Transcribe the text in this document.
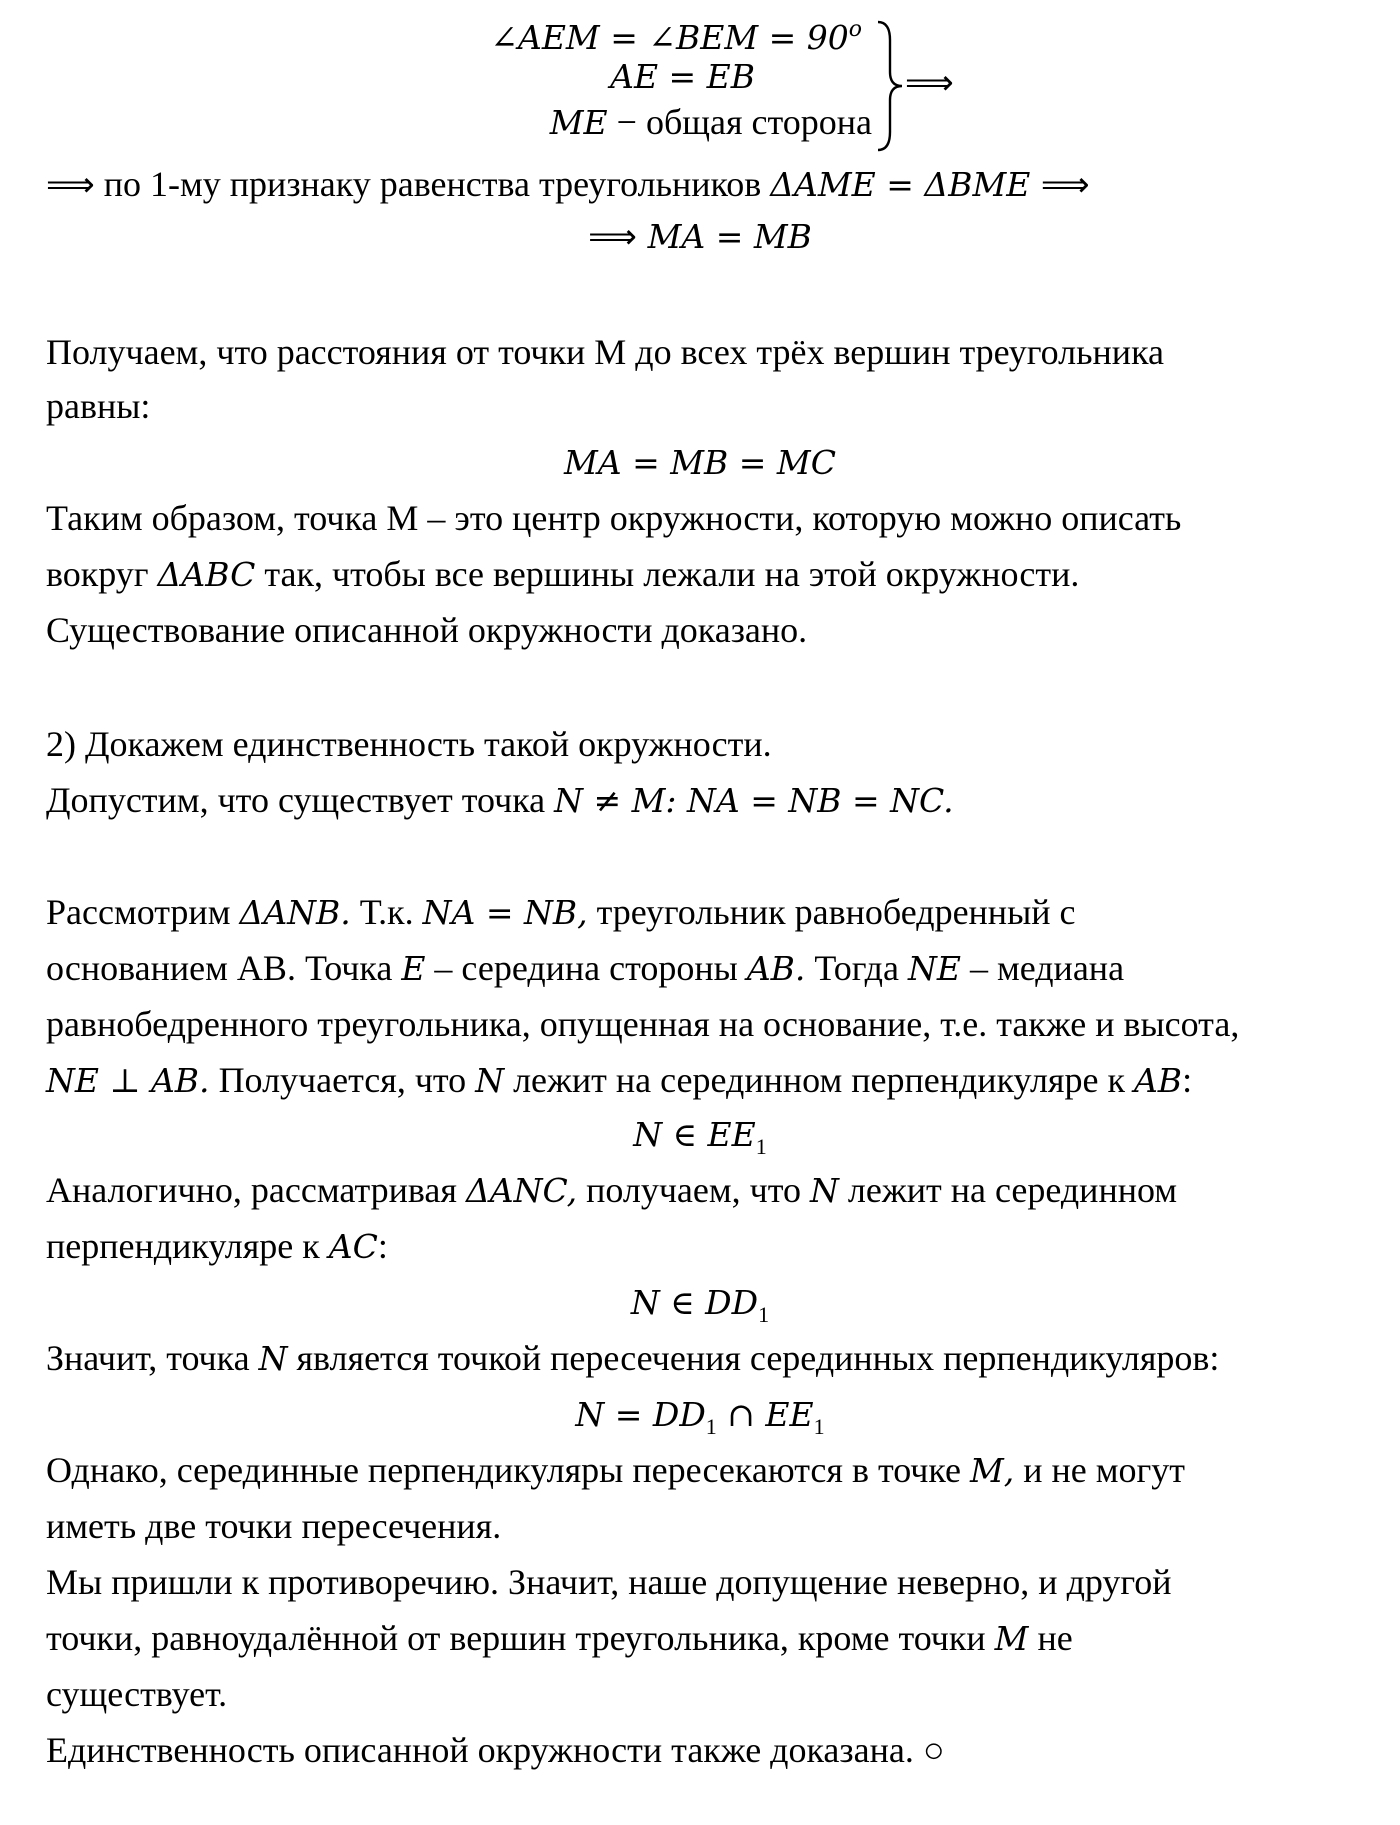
∠AEM = ∠BEM = $90^o$
AE = EB
ME − общая сторона
⟹
⟹ по 1-му признаку равенства треугольников ΔAME = ΔBME ⟹
⟹ MA = MB
Получаем, что расстояния от точки М до всех трёх вершин треугольника
равны:
MA = MB = MC
Таким образом, точка М – это центр окружности, которую можно описать
вокруг ΔABC так, чтобы все вершины лежали на этой окружности.
Существование описанной окружности доказано.
2) Докажем единственность такой окружности.
Допустим, что существует точка N ≠ M: NA = NB = NC.
Рассмотрим ΔANB. Т.к. NA = NB, треугольник равнобедренный с
основанием AB. Точка E – середина стороны AB. Тогда NE – медиана
равнобедренного треугольника, опущенная на основание, т.е. также и высота,
NE ⊥ AB. Получается, что N лежит на серединном перпендикуляре к AB:
N ∈ $EE_1$
Аналогично, рассматривая ΔANC, получаем, что N лежит на серединном
перпендикуляре к AC:
N ∈ $DD_1$
Значит, точка N является точкой пересечения серединных перпендикуляров:
$N = DD_1$ ∩ $EE_1$
Однако, серединные перпендикуляры пересекаются в точке M, и не могут
иметь две точки пересечения.
Мы пришли к противоречию. Значит, наше допущение неверно, и другой
точки, равноудалённой от вершин треугольника, кроме точки M не
существует.
Единственность описанной окружности также доказана. ○
